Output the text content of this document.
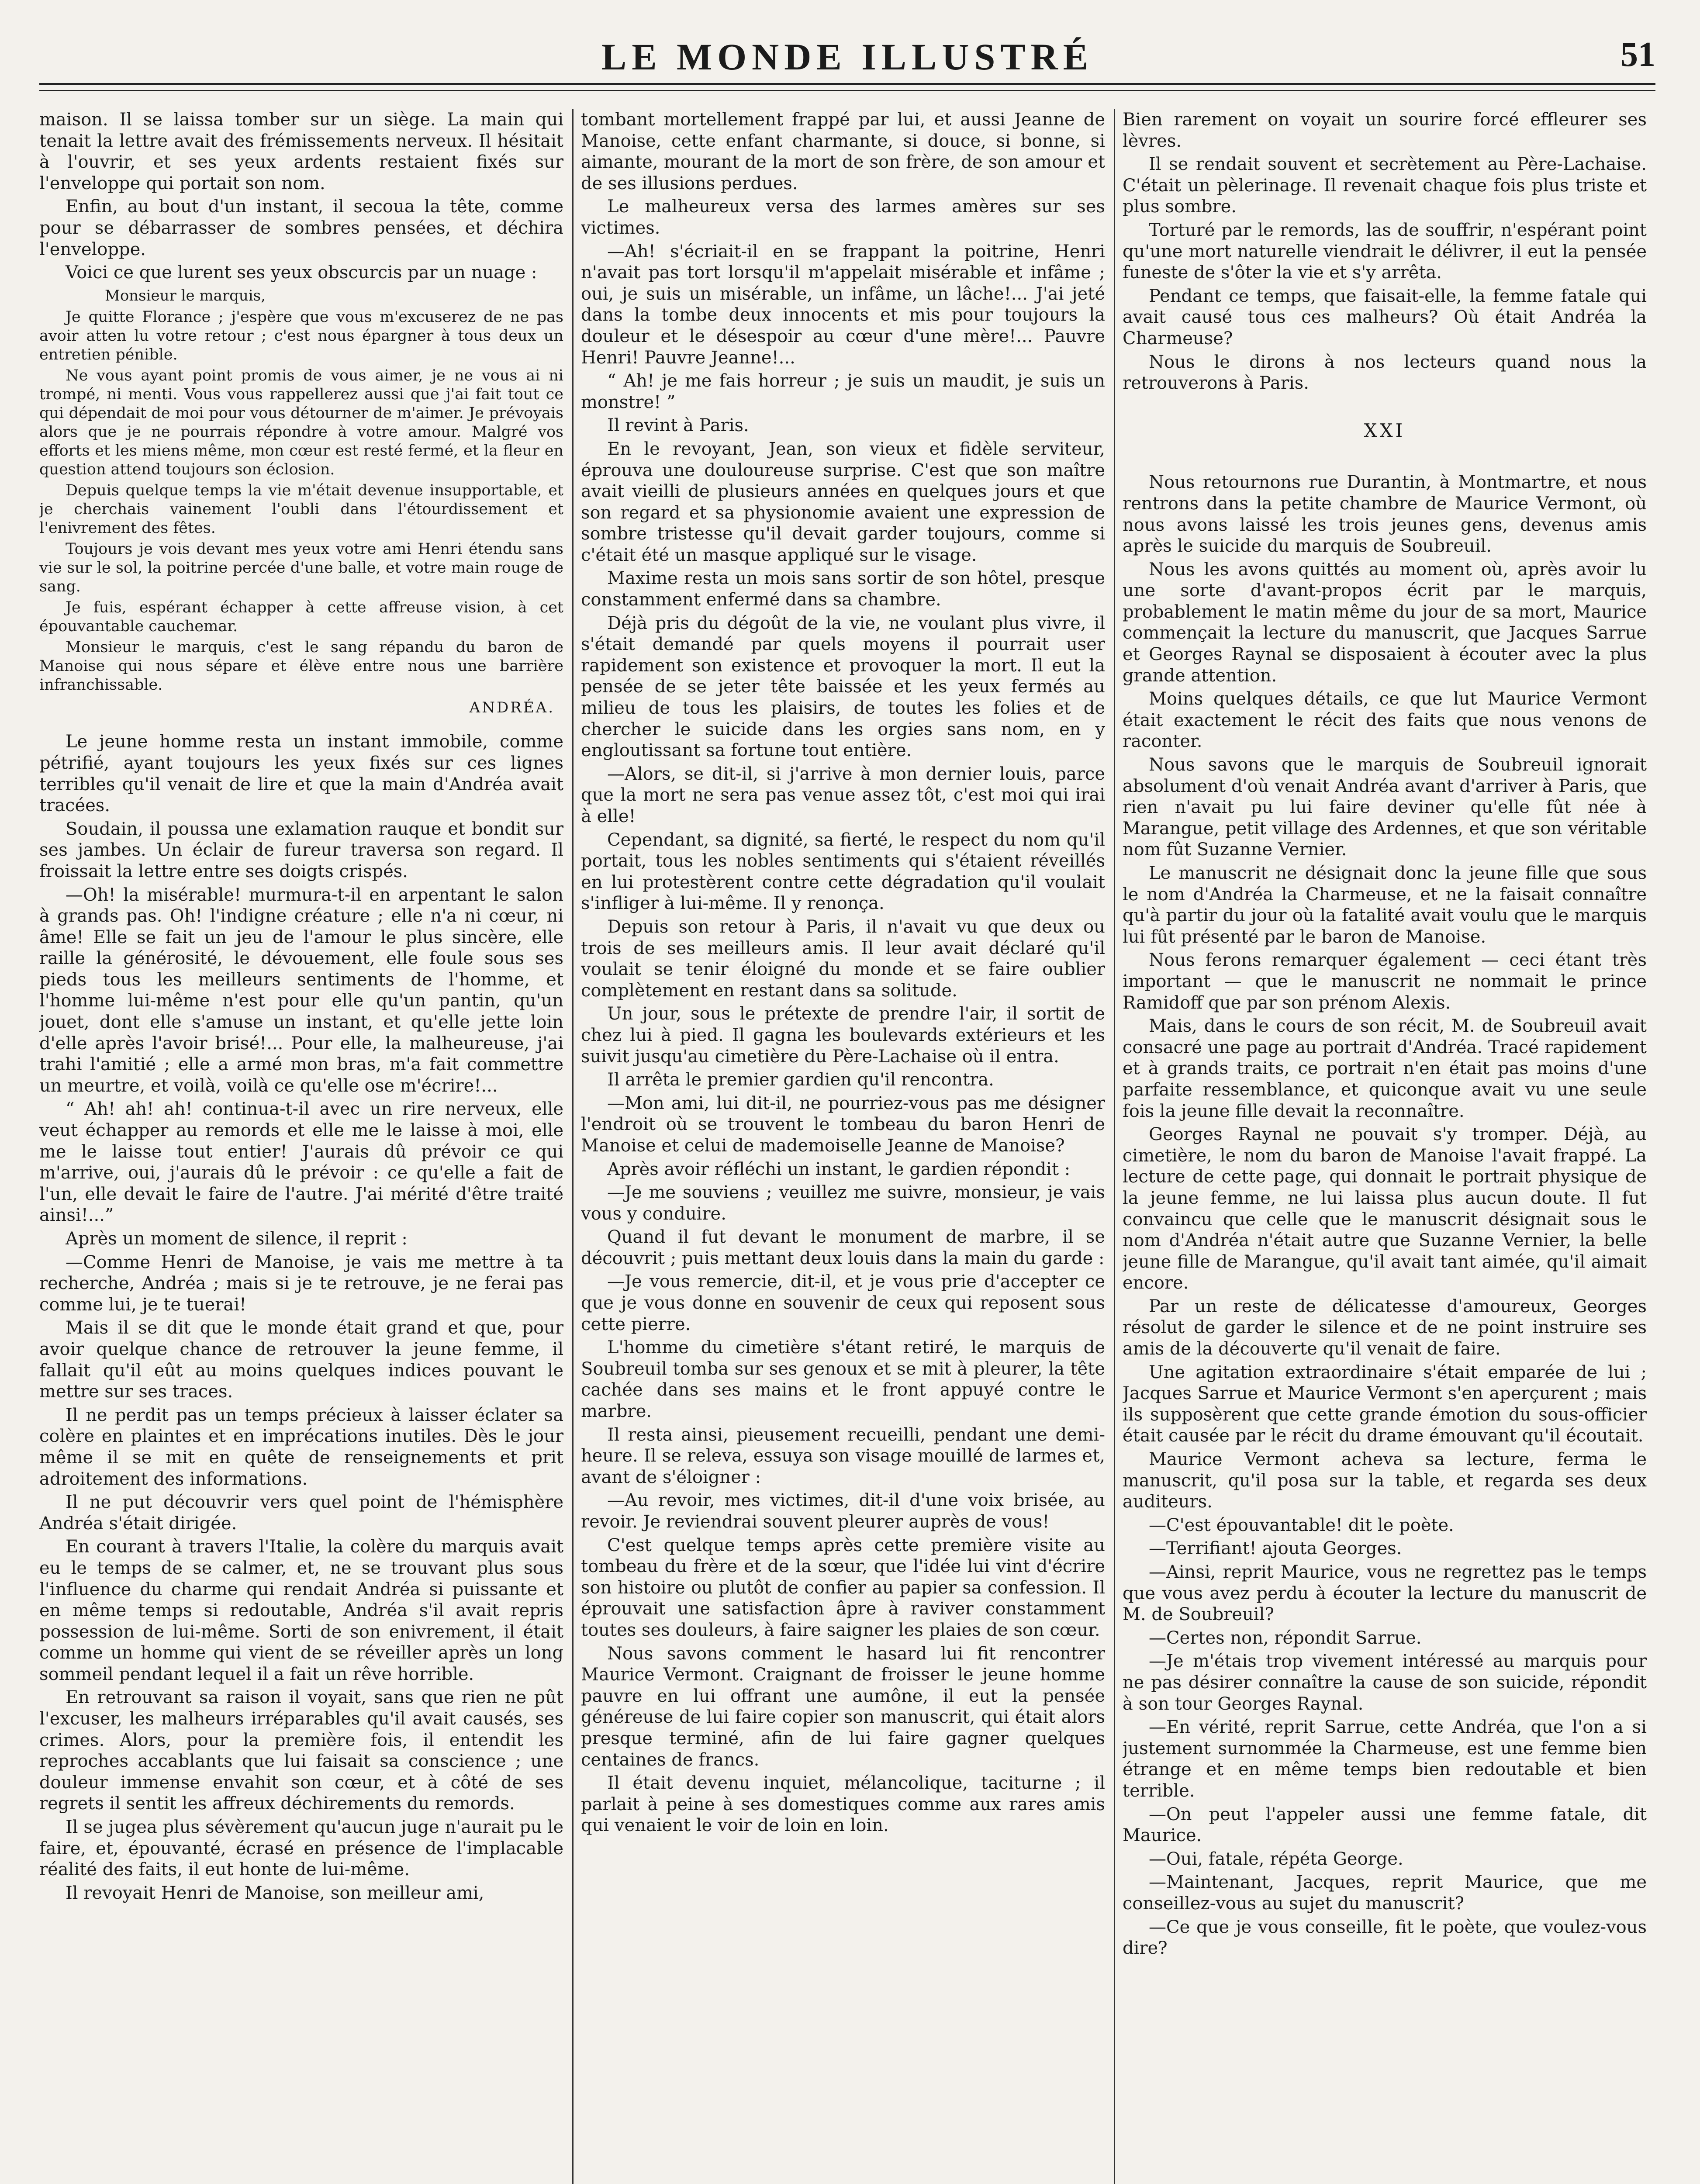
LE MONDE ILLUSTRÉ	51

maison. Il se laissa tomber sur un siège. La main qui tenait la lettre avait des frémissements nerveux. Il hésitait à l'ouvrir, et ses yeux ardents restaient fixés sur l'enveloppe qui portait son nom.

Enfin, au bout d'un instant, il secoua la tête, comme pour se débarrasser de sombres pensées, et déchira l'enveloppe.

Voici ce que lurent ses yeux obscurcis par un nuage :

Monsieur le marquis,

Je quitte Florance ; j'espère que vous m'excuserez de ne pas avoir atten lu votre retour ; c'est nous épargner à tous deux un entretien pénible.

Ne vous ayant point promis de vous aimer, je ne vous ai ni trompé, ni menti. Vous vous rappellerez aussi que j'ai fait tout ce qui dépendait de moi pour vous détourner de m'aimer. Je prévoyais alors que je ne pourrais répondre à votre amour. Malgré vos efforts et les miens même, mon cœur est resté fermé, et la fleur en question attend toujours son éclosion.

Depuis quelque temps la vie m'était devenue insupportable, et je cherchais vainement l'oubli dans l'étourdissement et l'enivrement des fêtes.

Toujours je vois devant mes yeux votre ami Henri étendu sans vie sur le sol, la poitrine percée d'une balle, et votre main rouge de sang.

Je fuis, espérant échapper à cette affreuse vision, à cet épouvantable cauchemar.

Monsieur le marquis, c'est le sang répandu du baron de Manoise qui nous sépare et élève entre nous une barrière infranchissable.

ANDRÉA.

Le jeune homme resta un instant immobile, comme pétrifié, ayant toujours les yeux fixés sur ces lignes terribles qu'il venait de lire et que la main d'Andréa avait tracées.

Soudain, il poussa une exlamation rauque et bondit sur ses jambes. Un éclair de fureur traversa son regard. Il froissait la lettre entre ses doigts crispés.

—Oh! la misérable! murmura-t-il en arpentant le salon à grands pas. Oh! l'indigne créature ; elle n'a ni cœur, ni âme! Elle se fait un jeu de l'amour le plus sincère, elle raille la générosité, le dévouement, elle foule sous ses pieds tous les meilleurs sentiments de l'homme, et l'homme lui-même n'est pour elle qu'un pantin, qu'un jouet, dont elle s'amuse un instant, et qu'elle jette loin d'elle après l'avoir brisé!... Pour elle, la malheureuse, j'ai trahi l'amitié ; elle a armé mon bras, m'a fait commettre un meurtre, et voilà, voilà ce qu'elle ose m'écrire!...

“ Ah! ah! ah! continua-t-il avec un rire nerveux, elle veut échapper au remords et elle me le laisse à moi, elle me le laisse tout entier! J'aurais dû prévoir ce qui m'arrive, oui, j'aurais dû le prévoir : ce qu'elle a fait de l'un, elle devait le faire de l'autre. J'ai mérité d'être traité ainsi!...”

Après un moment de silence, il reprit :

—Comme Henri de Manoise, je vais me mettre à ta recherche, Andréa ; mais si je te retrouve, je ne ferai pas comme lui, je te tuerai!

Mais il se dit que le monde était grand et que, pour avoir quelque chance de retrouver la jeune femme, il fallait qu'il eût au moins quelques indices pouvant le mettre sur ses traces.

Il ne perdit pas un temps précieux à laisser éclater sa colère en plaintes et en imprécations inutiles. Dès le jour même il se mit en quête de renseignements et prit adroitement des informations.

Il ne put découvrir vers quel point de l'hémisphère Andréa s'était dirigée.

En courant à travers l'Italie, la colère du marquis avait eu le temps de se calmer, et, ne se trouvant plus sous l'influence du charme qui rendait Andréa si puissante et en même temps si redoutable, Andréa s'il avait repris possession de lui-même. Sorti de son enivrement, il était comme un homme qui vient de se réveiller après un long sommeil pendant lequel il a fait un rêve horrible.

En retrouvant sa raison il voyait, sans que rien ne pût l'excuser, les malheurs irréparables qu'il avait causés, ses crimes. Alors, pour la première fois, il entendit les reproches accablants que lui faisait sa conscience ; une douleur immense envahit son cœur, et à côté de ses regrets il sentit les affreux déchirements du remords.

Il se jugea plus sévèrement qu'aucun juge n'aurait pu le faire, et, épouvanté, écrasé en présence de l'implacable réalité des faits, il eut honte de lui-même.

Il revoyait Henri de Manoise, son meilleur ami,

tombant mortellement frappé par lui, et aussi Jeanne de Manoise, cette enfant charmante, si douce, si bonne, si aimante, mourant de la mort de son frère, de son amour et de ses illusions perdues.

Le malheureux versa des larmes amères sur ses victimes.

—Ah! s'écriait-il en se frappant la poitrine, Henri n'avait pas tort lorsqu'il m'appelait misérable et infâme ; oui, je suis un misérable, un infâme, un lâche!... J'ai jeté dans la tombe deux innocents et mis pour toujours la douleur et le désespoir au cœur d'une mère!... Pauvre Henri! Pauvre Jeanne!...

“ Ah! je me fais horreur ; je suis un maudit, je suis un monstre! ”

Il revint à Paris.

En le revoyant, Jean, son vieux et fidèle serviteur, éprouva une douloureuse surprise. C'est que son maître avait vieilli de plusieurs années en quelques jours et que son regard et sa physionomie avaient une expression de sombre tristesse qu'il devait garder toujours, comme si c'était été un masque appliqué sur le visage.

Maxime resta un mois sans sortir de son hôtel, presque constamment enfermé dans sa chambre.

Déjà pris du dégoût de la vie, ne voulant plus vivre, il s'était demandé par quels moyens il pourrait user rapidement son existence et provoquer la mort. Il eut la pensée de se jeter tête baissée et les yeux fermés au milieu de tous les plaisirs, de toutes les folies et de chercher le suicide dans les orgies sans nom, en y engloutissant sa fortune tout entière.

—Alors, se dit-il, si j'arrive à mon dernier louis, parce que la mort ne sera pas venue assez tôt, c'est moi qui irai à elle!

Cependant, sa dignité, sa fierté, le respect du nom qu'il portait, tous les nobles sentiments qui s'étaient réveillés en lui protestèrent contre cette dégradation qu'il voulait s'infliger à lui-même. Il y renonça.

Depuis son retour à Paris, il n'avait vu que deux ou trois de ses meilleurs amis. Il leur avait déclaré qu'il voulait se tenir éloigné du monde et se faire oublier complètement en restant dans sa solitude.

Un jour, sous le prétexte de prendre l'air, il sortit de chez lui à pied. Il gagna les boulevards extérieurs et les suivit jusqu'au cimetière du Père-Lachaise où il entra.

Il arrêta le premier gardien qu'il rencontra.

—Mon ami, lui dit-il, ne pourriez-vous pas me désigner l'endroit où se trouvent le tombeau du baron Henri de Manoise et celui de mademoiselle Jeanne de Manoise?

Après avoir réfléchi un instant, le gardien répondit :

—Je me souviens ; veuillez me suivre, monsieur, je vais vous y conduire.

Quand il fut devant le monument de marbre, il se découvrit ; puis mettant deux louis dans la main du garde :

—Je vous remercie, dit-il, et je vous prie d'accepter ce que je vous donne en souvenir de ceux qui reposent sous cette pierre.

L'homme du cimetière s'étant retiré, le marquis de Soubreuil tomba sur ses genoux et se mit à pleurer, la tête cachée dans ses mains et le front appuyé contre le marbre.

Il resta ainsi, pieusement recueilli, pendant une demi-heure. Il se releva, essuya son visage mouillé de larmes et, avant de s'éloigner :

—Au revoir, mes victimes, dit-il d'une voix brisée, au revoir. Je reviendrai souvent pleurer auprès de vous!

C'est quelque temps après cette première visite au tombeau du frère et de la sœur, que l'idée lui vint d'écrire son histoire ou plutôt de confier au papier sa confession. Il éprouvait une satisfaction âpre à raviver constamment toutes ses douleurs, à faire saigner les plaies de son cœur.

Nous savons comment le hasard lui fit rencontrer Maurice Vermont. Craignant de froisser le jeune homme pauvre en lui offrant une aumône, il eut la pensée généreuse de lui faire copier son manuscrit, qui était alors presque terminé, afin de lui faire gagner quelques centaines de francs.

Il était devenu inquiet, mélancolique, taciturne ; il parlait à peine à ses domestiques comme aux rares amis qui venaient le voir de loin en loin.

Bien rarement on voyait un sourire forcé effleurer ses lèvres.

Il se rendait souvent et secrètement au Père-Lachaise. C'était un pèlerinage. Il revenait chaque fois plus triste et plus sombre.

Torturé par le remords, las de souffrir, n'espérant point qu'une mort naturelle viendrait le délivrer, il eut la pensée funeste de s'ôter la vie et s'y arrêta.

Pendant ce temps, que faisait-elle, la femme fatale qui avait causé tous ces malheurs? Où était Andréa la Charmeuse?

Nous le dirons à nos lecteurs quand nous la retrouverons à Paris.

XXI

Nous retournons rue Durantin, à Montmartre, et nous rentrons dans la petite chambre de Maurice Vermont, où nous avons laissé les trois jeunes gens, devenus amis après le suicide du marquis de Soubreuil.

Nous les avons quittés au moment où, après avoir lu une sorte d'avant-propos écrit par le marquis, probablement le matin même du jour de sa mort, Maurice commençait la lecture du manuscrit, que Jacques Sarrue et Georges Raynal se disposaient à écouter avec la plus grande attention.

Moins quelques détails, ce que lut Maurice Vermont était exactement le récit des faits que nous venons de raconter.

Nous savons que le marquis de Soubreuil ignorait absolument d'où venait Andréa avant d'arriver à Paris, que rien n'avait pu lui faire deviner qu'elle fût née à Marangue, petit village des Ardennes, et que son véritable nom fût Suzanne Vernier.

Le manuscrit ne désignait donc la jeune fille que sous le nom d'Andréa la Charmeuse, et ne la faisait connaître qu'à partir du jour où la fatalité avait voulu que le marquis lui fût présenté par le baron de Manoise.

Nous ferons remarquer également — ceci étant très important — que le manuscrit ne nommait le prince Ramidoff que par son prénom Alexis.

Mais, dans le cours de son récit, M. de Soubreuil avait consacré une page au portrait d'Andréa. Tracé rapidement et à grands traits, ce portrait n'en était pas moins d'une parfaite ressemblance, et quiconque avait vu une seule fois la jeune fille devait la reconnaître.

Georges Raynal ne pouvait s'y tromper. Déjà, au cimetière, le nom du baron de Manoise l'avait frappé. La lecture de cette page, qui donnait le portrait physique de la jeune femme, ne lui laissa plus aucun doute. Il fut convaincu que celle que le manuscrit désignait sous le nom d'Andréa n'était autre que Suzanne Vernier, la belle jeune fille de Marangue, qu'il avait tant aimée, qu'il aimait encore.

Par un reste de délicatesse d'amoureux, Georges résolut de garder le silence et de ne point instruire ses amis de la découverte qu'il venait de faire.

Une agitation extraordinaire s'était emparée de lui ; Jacques Sarrue et Maurice Vermont s'en aperçurent ; mais ils supposèrent que cette grande émotion du sous-officier était causée par le récit du drame émouvant qu'il écoutait.

Maurice Vermont acheva sa lecture, ferma le manuscrit, qu'il posa sur la table, et regarda ses deux auditeurs.

—C'est épouvantable! dit le poète.

—Terrifiant! ajouta Georges.

—Ainsi, reprit Maurice, vous ne regrettez pas le temps que vous avez perdu à écouter la lecture du manuscrit de M. de Soubreuil?

—Certes non, répondit Sarrue.

—Je m'étais trop vivement intéressé au marquis pour ne pas désirer connaître la cause de son suicide, répondit à son tour Georges Raynal.

—En vérité, reprit Sarrue, cette Andréa, que l'on a si justement surnommée la Charmeuse, est une femme bien étrange et en même temps bien redoutable et bien terrible.

—On peut l'appeler aussi une femme fatale, dit Maurice.

—Oui, fatale, répéta George.

—Maintenant, Jacques, reprit Maurice, que me conseillez-vous au sujet du manuscrit?

—Ce que je vous conseille, fit le poète, que voulez-vous dire?
